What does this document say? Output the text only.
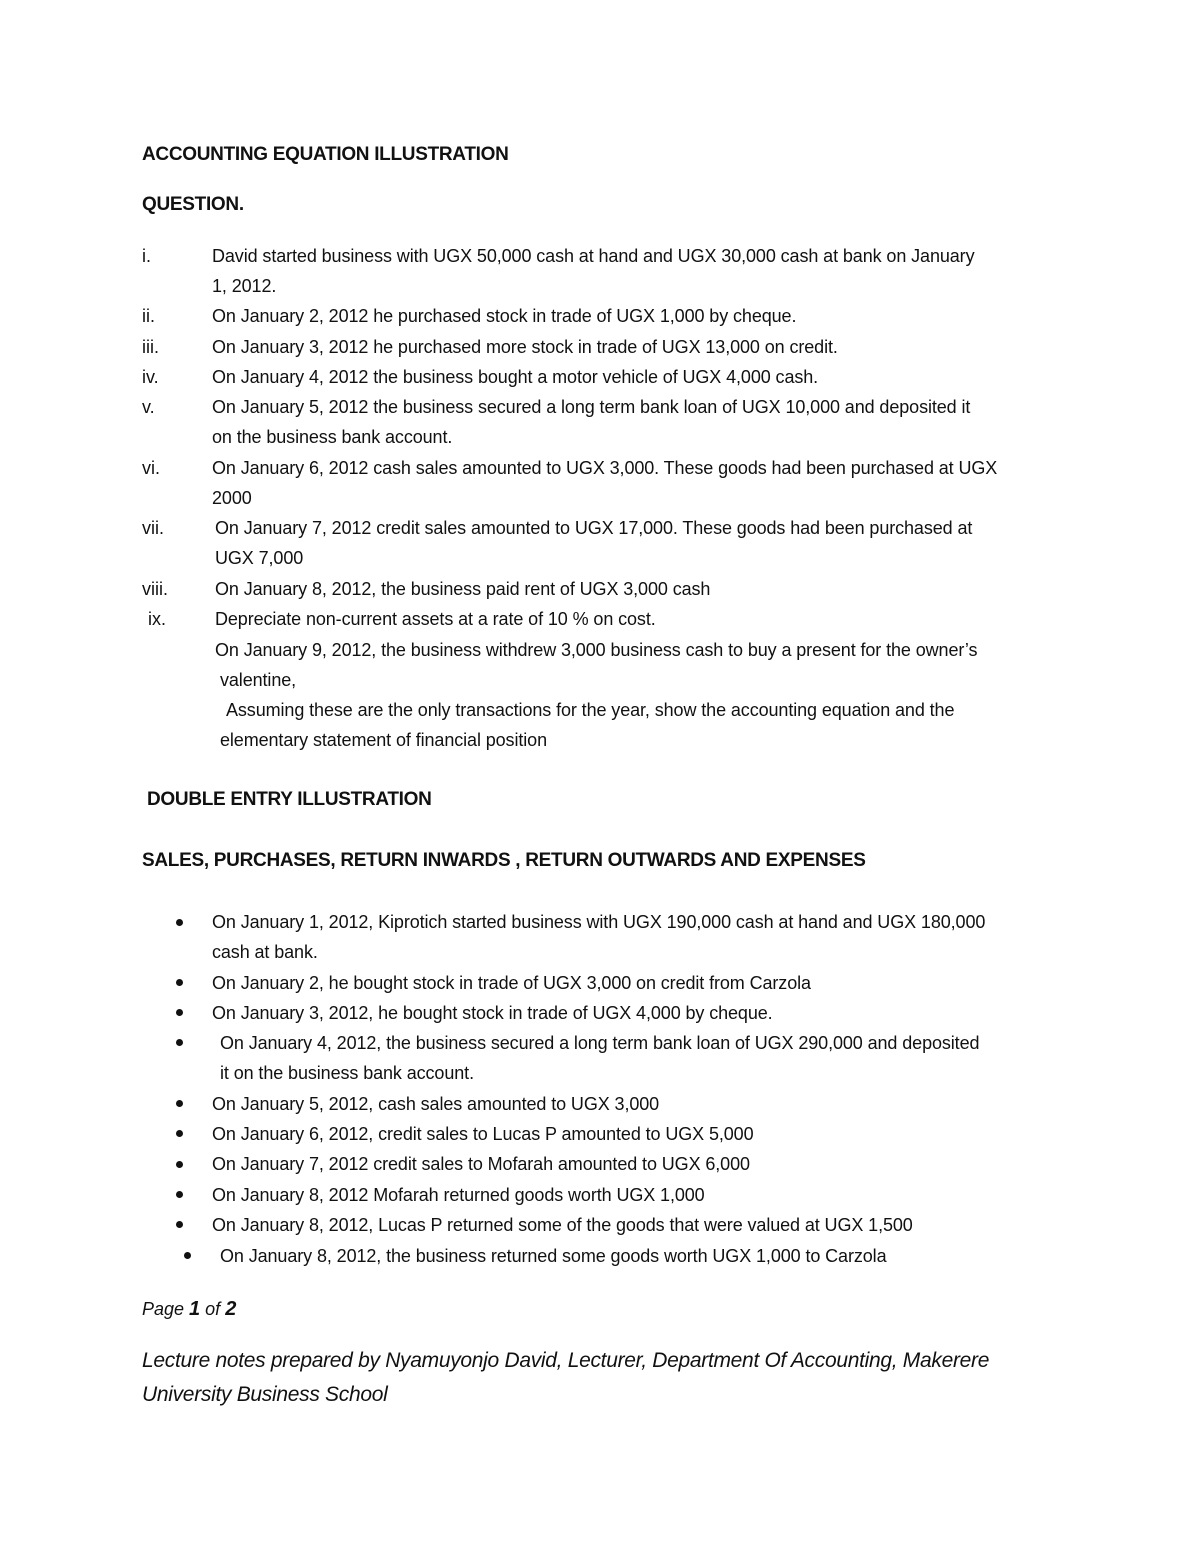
ACCOUNTING EQUATION ILLUSTRATION
QUESTION.
i.	David started business with UGX 50,000 cash at hand and UGX 30,000 cash at bank on January
1, 2012.
ii.	On January 2, 2012 he purchased stock in trade of UGX 1,000 by cheque.
iii.	On January 3, 2012 he purchased more stock in trade of UGX 13,000 on credit.
iv.	On January 4, 2012 the business bought a motor vehicle of UGX 4,000 cash.
v.	On January 5, 2012 the business secured a long term bank loan of UGX 10,000 and deposited it
on the business bank account.
vi.	On January 6, 2012 cash sales amounted to UGX 3,000. These goods had been purchased at UGX
2000
vii.	On January 7, 2012 credit sales amounted to UGX 17,000. These goods had been purchased at
UGX 7,000
viii.	On January 8, 2012, the business paid rent of UGX 3,000 cash
ix.	Depreciate non-current assets at a rate of 10 % on cost.
On January 9, 2012, the business withdrew 3,000 business cash to buy a present for the owner’s
valentine,
Assuming these are the only transactions for the year, show the accounting equation and the
elementary statement of financial position
DOUBLE ENTRY ILLUSTRATION
SALES, PURCHASES, RETURN INWARDS , RETURN OUTWARDS AND EXPENSES
On January 1, 2012, Kiprotich started business with UGX 190,000 cash at hand and UGX 180,000
cash at bank.
On January 2, he bought stock in trade of UGX 3,000 on credit from Carzola
On January 3, 2012, he bought stock in trade of UGX 4,000 by cheque.
On January 4, 2012, the business secured a long term bank loan of UGX 290,000 and deposited
it on the business bank account.
On January 5, 2012, cash sales amounted to UGX 3,000
On January 6, 2012, credit sales to Lucas P amounted to UGX 5,000
On January 7, 2012 credit sales to Mofarah amounted to UGX 6,000
On January 8, 2012 Mofarah returned goods worth UGX 1,000
On January 8, 2012, Lucas P returned some of the goods that were valued at UGX 1,500
On January 8, 2012, the business returned some goods worth UGX 1,000 to Carzola
Page 1 of 2
Lecture notes prepared by Nyamuyonjo David, Lecturer, Department Of Accounting, Makerere
University Business School
